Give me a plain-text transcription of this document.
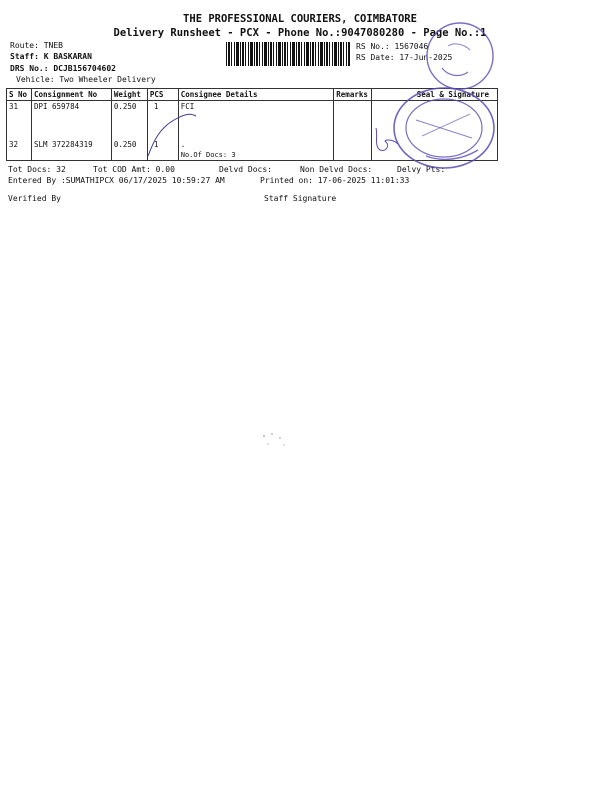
THE PROFESSIONAL COURIERS, COIMBATORE
Delivery Runsheet - PCX - Phone No.:9047080280 - Page No.:1
Route: TNEB
Staff: K BASKARAN
DRS No.: DCJB156704602
Vehicle: Two Wheeler Delivery
RS No.: 1567046
RS Date: 17-Jun-2025
S No	Consignment No	Weight	PCS	Consignee Details	Remarks	Seal & Signature
31	DPI 659784	0.250	1	FCI		
32	SLM 372284319	0.250	1	.
No.Of Docs: 3		

Tot Docs: 32	Tot COD Amt: 0.00	Delvd Docs:	Non Delvd Docs:	Delvy Pts:
Entered By :SUMATHIPCX 06/17/2025 10:59:27 AM	Printed on: 17-06-2025 11:01:33
Verified By	Staff Signature
